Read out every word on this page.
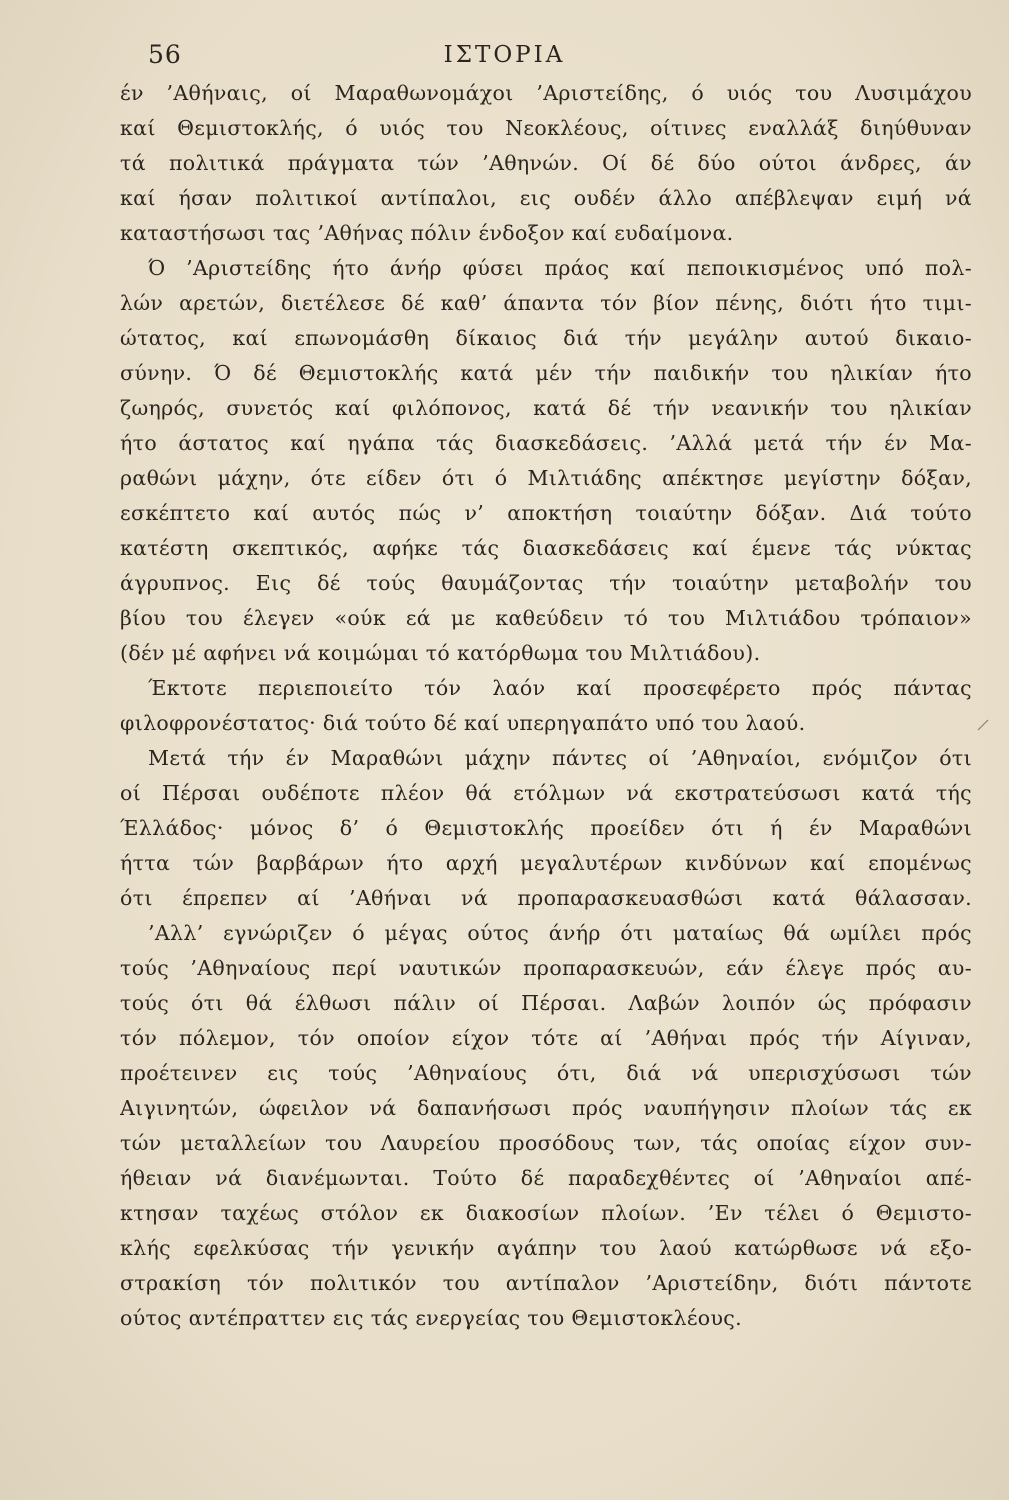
56	ΙΣΤΟΡΙΑ
έν ’Αθήναις, οί Μαραθωνομάχοι ’Αριστείδης, ό υιός του Λυσιμάχου
καί Θεμιστοκλής, ό υιός του Νεοκλέους, οίτινες εναλλάξ διηύθυναν
τά πολιτικά πράγματα τών ’Αθηνών. Οί δέ δύο ούτοι άνδρες, άν
καί ήσαν πολιτικοί αντίπαλοι, εις ουδέν άλλο απέβλεψαν ειμή νά
καταστήσωσι τας ’Αθήνας πόλιν ένδοξον καί ευδαίμονα.
Ό ’Αριστείδης ήτο άνήρ φύσει πράος καί πεποικισμένος υπό πολ-
λών αρετών, διετέλεσε δέ καθ’ άπαντα τόν βίον πένης, διότι ήτο τιμι-
ώτατος, καί επωνομάσθη δίκαιος διά τήν μεγάλην αυτού δικαιο-
σύνην. Ό δέ Θεμιστοκλής κατά μέν τήν παιδικήν του ηλικίαν ήτο
ζωηρός, συνετός καί φιλόπονος, κατά δέ τήν νεανικήν του ηλικίαν
ήτο άστατος καί ηγάπα τάς διασκεδάσεις. ’Αλλά μετά τήν έν Μα-
ραθώνι μάχην, ότε είδεν ότι ό Μιλτιάδης απέκτησε μεγίστην δόξαν,
εσκέπτετο καί αυτός πώς ν’ αποκτήση τοιαύτην δόξαν. Διά τούτο
κατέστη σκεπτικός, αφήκε τάς διασκεδάσεις καί έμενε τάς νύκτας
άγρυπνος. Εις δέ τούς θαυμάζοντας τήν τοιαύτην μεταβολήν του
βίου του έλεγεν «ούκ εά με καθεύδειν τό του Μιλτιάδου τρόπαιον»
(δέν μέ αφήνει νά κοιμώμαι τό κατόρθωμα του Μιλτιάδου).
Έκτοτε περιεποιείτο τόν λαόν καί προσεφέρετο πρός πάντας
φιλοφρονέστατος· διά τούτο δέ καί υπερηγαπάτο υπό του λαού.
Μετά τήν έν Μαραθώνι μάχην πάντες οί ’Αθηναίοι, ενόμιζον ότι
οί Πέρσαι ουδέποτε πλέον θά ετόλμων νά εκστρατεύσωσι κατά τής
Έλλάδος· μόνος δ’ ό Θεμιστοκλής προείδεν ότι ή έν Μαραθώνι
ήττα τών βαρβάρων ήτο αρχή μεγαλυτέρων κινδύνων καί επομένως
ότι έπρεπεν αί ’Αθήναι νά προπαρασκευασθώσι κατά θάλασσαν.
’Αλλ’ εγνώριζεν ό μέγας ούτος άνήρ ότι ματαίως θά ωμίλει πρός
τούς ’Αθηναίους περί ναυτικών προπαρασκευών, εάν έλεγε πρός αυ-
τούς ότι θά έλθωσι πάλιν οί Πέρσαι. Λαβών λοιπόν ώς πρόφασιν
τόν πόλεμον, τόν οποίον είχον τότε αί ’Αθήναι πρός τήν Αίγιναν,
προέτεινεν εις τούς ’Αθηναίους ότι, διά νά υπερισχύσωσι τών
Αιγινητών, ώφειλον νά δαπανήσωσι πρός ναυπήγησιν πλοίων τάς εκ
τών μεταλλείων του Λαυρείου προσόδους των, τάς οποίας είχον συν-
ήθειαν νά διανέμωνται. Τούτο δέ παραδεχθέντες οί ’Αθηναίοι απέ-
κτησαν ταχέως στόλον εκ διακοσίων πλοίων. ’Εν τέλει ό Θεμιστο-
κλής εφελκύσας τήν γενικήν αγάπην του λαού κατώρθωσε νά εξο-
στρακίση τόν πολιτικόν του αντίπαλον ’Αριστείδην, διότι πάντοτε
ούτος αντέπραττεν εις τάς ενεργείας του Θεμιστοκλέους.
